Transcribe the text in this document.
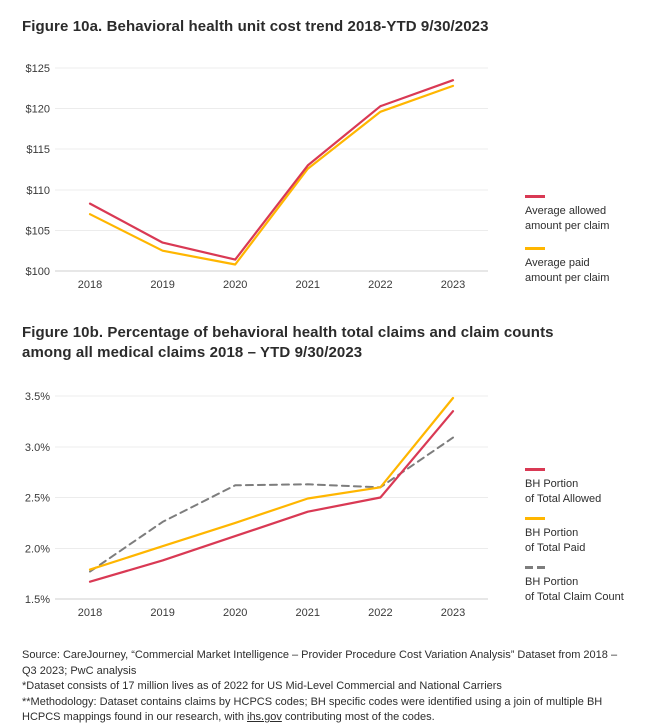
Figure 10a. Behavioral health unit cost trend 2018-YTD 9/30/2023
$100
$105
$110
$115
$120
$125
2018	2019	2020	2021	2022	2023
Average allowed
amount per claim
Average paid
amount per claim
Figure 10b. Percentage of behavioral health total claims and claim counts among all medical claims 2018 – YTD 9/30/2023
1.5%
2.0%
2.5%
3.0%
3.5%
2018	2019	2020	2021	2022	2023
BH Portion
of Total Allowed
BH Portion
of Total Paid
BH Portion
of Total Claim Count

Source: CareJourney, “Commercial Market Intelligence – Provider Procedure Cost Variation Analysis” Dataset from 2018 – Q3 2023; PwC analysis

*Dataset consists of 17 million lives as of 2022 for US Mid-Level Commercial and National Carriers

**Methodology: Dataset contains claims by HCPCS codes; BH specific codes were identified using a join of multiple BH HCPCS mappings found in our research, with ihs.gov contributing most of the codes.
